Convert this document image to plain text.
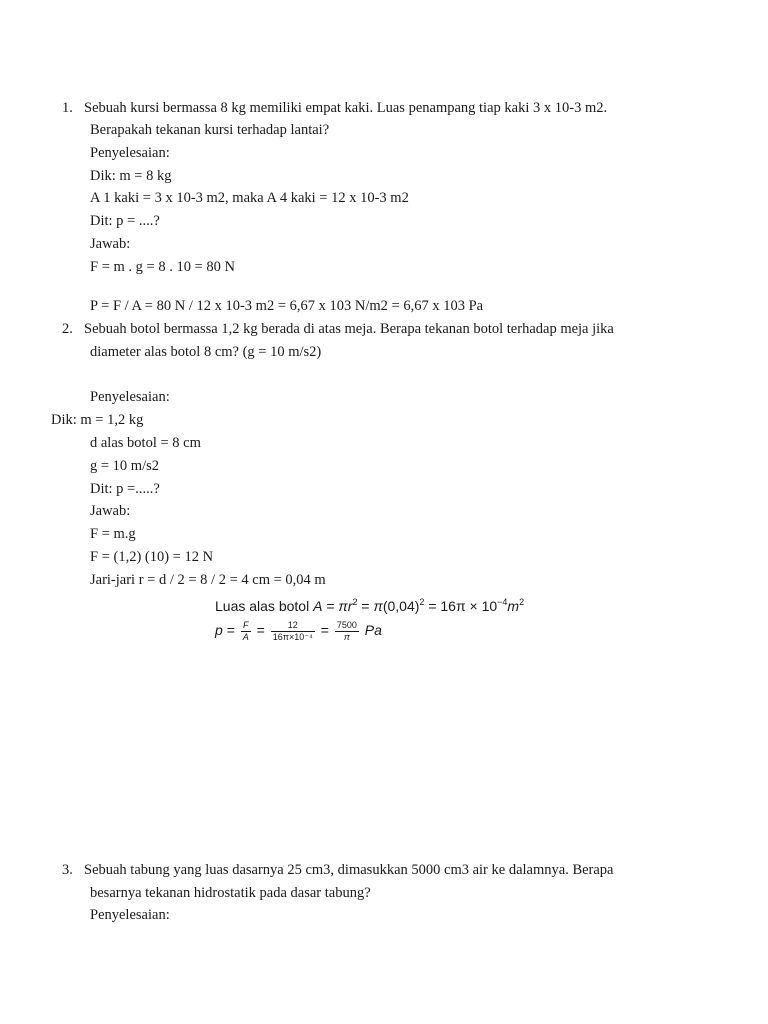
1. Sebuah kursi bermassa 8 kg memiliki empat kaki. Luas penampang tiap kaki 3 x 10-3 m2.
Berapakah tekanan kursi terhadap lantai?
Penyelesaian:
Dik: m = 8 kg
A 1 kaki = 3 x 10-3 m2, maka A 4 kaki = 12 x 10-3 m2
Dit: p = ....?
Jawab:
F = m . g = 8 . 10 = 80 N
P = F / A = 80 N / 12 x 10-3 m2 = 6,67 x 103 N/m2 = 6,67 x 103 Pa
2. Sebuah botol bermassa 1,2 kg berada di atas meja. Berapa tekanan botol terhadap meja jika
diameter alas botol 8 cm? (g = 10 m/s2)
Penyelesaian:
Dik: m = 1,2 kg
d alas botol = 8 cm
g = 10 m/s2
Dit: p =.....?
Jawab:
F = m.g
F = (1,2) (10) = 12 N
Jari-jari r = d / 2 = 8 / 2 = 4 cm = 0,04 m
Luas alas botol $A = \pi r^2 = \pi(0,04)^2 = 16\pi \times 10^{-4}m^2$
$p = \frac{F}{A} = \frac{12}{\text{16π×10⁻⁴}} = \frac{7500}{\pi}$ Pa
3. Sebuah tabung yang luas dasarnya 25 cm3, dimasukkan 5000 cm3 air ke dalamnya. Berapa
besarnya tekanan hidrostatik pada dasar tabung?
Penyelesaian:
